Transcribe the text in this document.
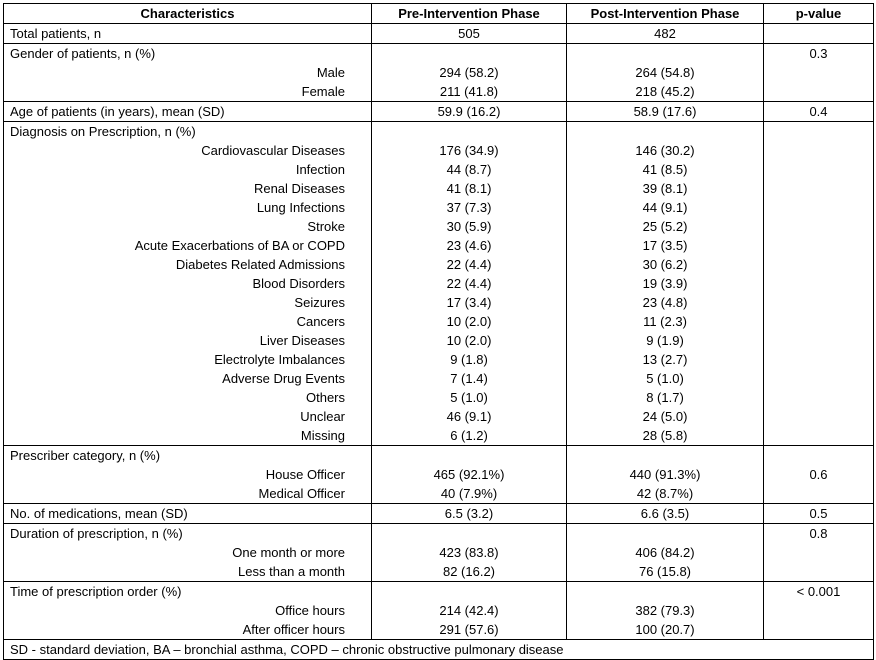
Characteristics	Pre-Intervention Phase	Post-Intervention Phase	p-value
Total patients, n	505	482	
Gender of patients, n (%)			0.3
Male	294 (58.2)	264 (54.8)	
Female	211 (41.8)	218 (45.2)	
Age of patients (in years), mean (SD)	59.9 (16.2)	58.9 (17.6)	0.4
Diagnosis on Prescription, n (%)			
Cardiovascular Diseases	176 (34.9)	146 (30.2)	
Infection	44 (8.7)	41 (8.5)	
Renal Diseases	41 (8.1)	39 (8.1)	
Lung Infections	37 (7.3)	44 (9.1)	
Stroke	30 (5.9)	25 (5.2)	
Acute Exacerbations of BA or COPD	23 (4.6)	17 (3.5)	
Diabetes Related Admissions	22 (4.4)	30 (6.2)	
Blood Disorders	22 (4.4)	19 (3.9)	
Seizures	17 (3.4)	23 (4.8)	
Cancers	10 (2.0)	11 (2.3)	
Liver Diseases	10 (2.0)	9 (1.9)	
Electrolyte Imbalances	9 (1.8)	13 (2.7)	
Adverse Drug Events	7 (1.4)	5 (1.0)	
Others	5 (1.0)	8 (1.7)	
Unclear	46 (9.1)	24 (5.0)	
Missing	6 (1.2)	28 (5.8)	
Prescriber category, n (%)			
House Officer	465 (92.1%)	440 (91.3%)	0.6
Medical Officer	40 (7.9%)	42 (8.7%)	
No. of medications, mean (SD)	6.5 (3.2)	6.6 (3.5)	0.5
Duration of prescription, n (%)			0.8
One month or more	423 (83.8)	406 (84.2)	
Less than a month	82 (16.2)	76 (15.8)	
Time of prescription order (%)			< 0.001
Office hours	214 (42.4)	382 (79.3)	
After officer hours	291 (57.6)	100 (20.7)	
SD - standard deviation, BA – bronchial asthma, COPD – chronic obstructive pulmonary disease			
